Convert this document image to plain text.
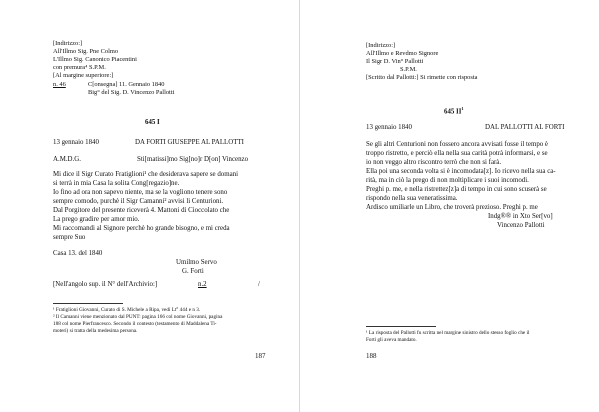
[Indirizzo:]
All'Illmo Sig. Pne Colmo
L'Illmo Sig. Canonico Piacentini
con premura⁴ S.P.M.
[Al margine superiore:]
n. 46	C[onsegna] 11. Gennaio 1840
Big° del Sig. D. Vincenzo Pallotti
645 I
13 gennaio 1840	DA FORTI GIUSEPPE AL PALLOTTI
A.M.D.G.	Sti[matissi]mo Sig[no]r D[on] Vincenzo
Mi dice il Sigr Curato Fratiglioni¹ che desiderava sapere se domani
si terrà in mia Casa la solita Cong[regazio]ne.
Io fino ad ora non sapevo niente, ma se la vogliono tenere sono
sempre comodo, purchè il Sigr Camanni² avvisi li Centurioni.
Dal Porgitore del presente riceverà 4. Mattoni di Cioccolato che
La prego gradire per amor mio.
Mi raccomandi al Signore perchè ho grande bisogno, e mi creda
sempre Suo
Casa 13. del 1840
Umilmo Servo
G. Forti
[Nell'angolo sup. il N° dell'Archivio:]	n.2	/
¹ Fratiglioni Giovanni, Curato di S. Michele a Ripa, vedi Lt° 444 e n 3.
² Il Camanni viene menzionato dal PUNT: pagina 166 col nome Giovanni, pagina
188 col nome Pierfrancesco. Secondo il contesto (testamento di Maddalena Ti-
moteri) si tratta della medesima persona.
187
[Indirizzo:]
All'Illmo e Revdmo Signore
Il Sigr D. Vin° Pallotti
S.P.M.
[Scritto dal Pallotti:] Si rimette con risposta
645 $II^1$
13 gennaio 1840	DAL PALLOTTI AL FORTI
Se gli altri Centurioni non fossero ancora avvisati fosse il tempo è
troppo ristretto, e perciò ella nella sua carità potrà informarsi, e se
io non veggo altro riscontro terrò che non si farà.
Ella poi una seconda volta si è incomodata[z]. Io ricevo nella sua ca-
rità, ma in ciò la prego di non moltiplicare i suoi incomodi.
Preghi p. me, e nella ristrettez[z]a di tempo in cui sono scuserà se
rispondo nella sua veneratissima.
Ardisco umiliarle un Libro, che troverà prezioso. Preghi p. me
Indg®® in Xto Ser[vo]
Vincenzo Pallotti
¹ La risposta del Pallotti fu scritta nel margine sinistro dello stesso foglio che il
Forti gli aveva mandato.
188
